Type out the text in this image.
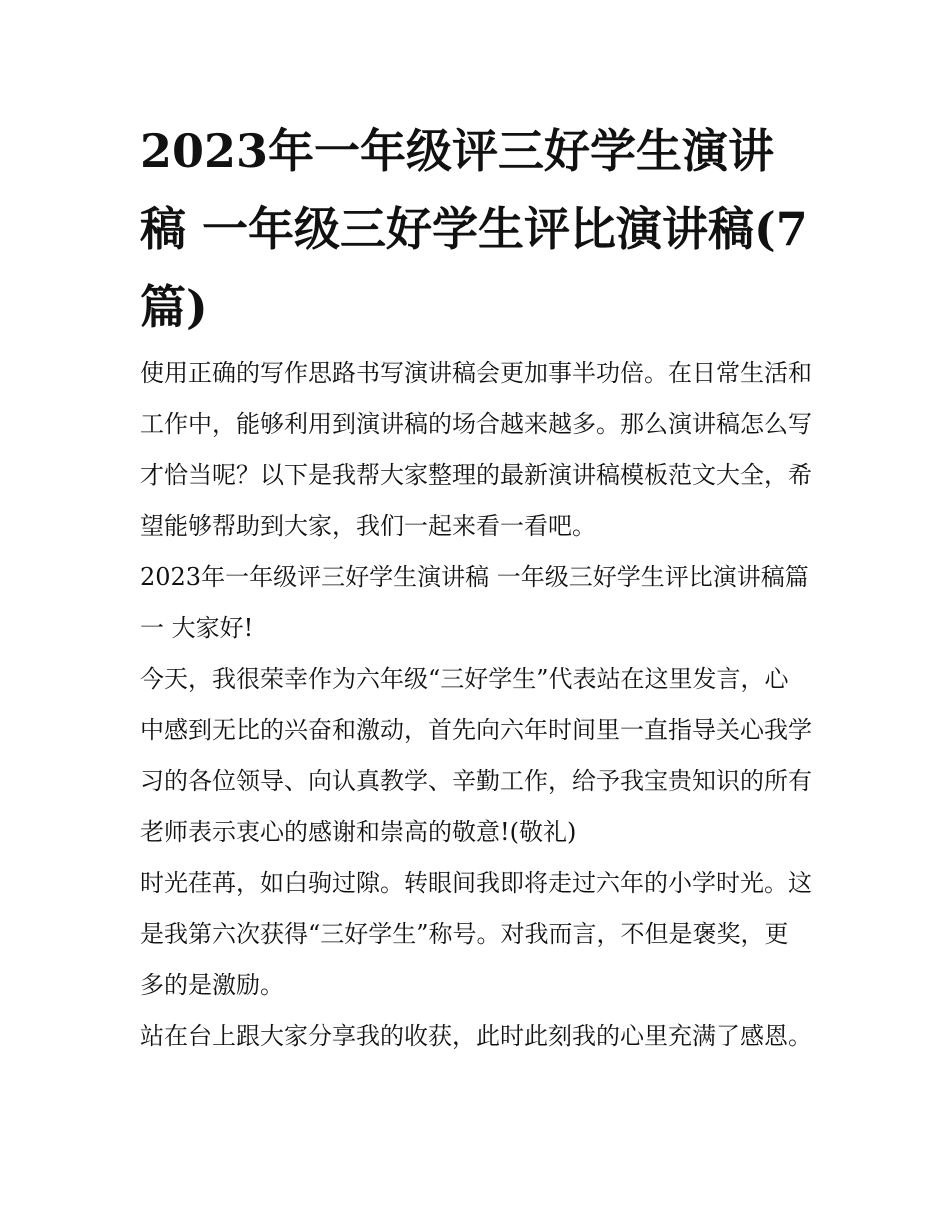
2023年一年级评三好学生演讲稿 一年级三好学生评比演讲稿(7篇)

使用正确的写作思路书写演讲稿会更加事半功倍。在日常生活和工作中，能够利用到演讲稿的场合越来越多。那么演讲稿怎么写才恰当呢？以下是我帮大家整理的最新演讲稿模板范文大全，希望能够帮助到大家，我们一起来看一看吧。

2023年一年级评三好学生演讲稿 一年级三好学生评比演讲稿篇一 大家好!

今天，我很荣幸作为六年级“三好学生”代表站在这里发言，心中感到无比的兴奋和激动，首先向六年时间里一直指导关心我学习的各位领导、向认真教学、辛勤工作，给予我宝贵知识的所有老师表示衷心的感谢和崇高的敬意!(敬礼)

时光荏苒，如白驹过隙。转眼间我即将走过六年的小学时光。这是我第六次获得“三好学生”称号。对我而言，不但是褒奖，更多的是激励。

站在台上跟大家分享我的收获，此时此刻我的心里充满了感恩。
